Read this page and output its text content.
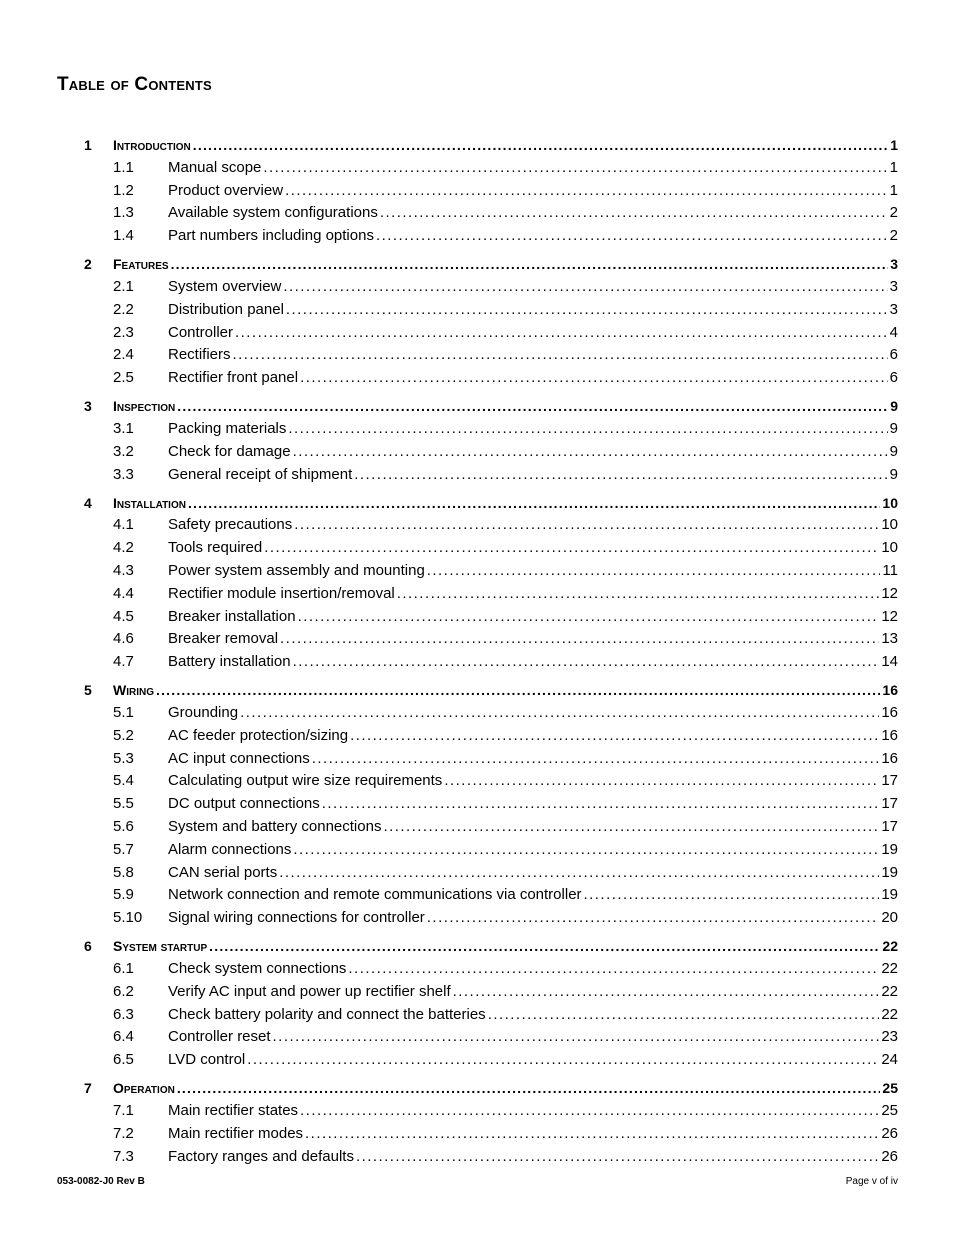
Table of Contents
1 Introduction . . .	1
1.1 Manual scope . . .	1
1.2 Product overview . . .	1
1.3 Available system configurations . . .	2
1.4 Part numbers including options . . .	2
2 Features . . .	3
2.1 System overview . . .	3
2.2 Distribution panel . . .	3
2.3 Controller . . .	4
2.4 Rectifiers . . .	6
2.5 Rectifier front panel . . .	6
3 Inspection . . .	9
3.1 Packing materials . . .	9
3.2 Check for damage . . .	9
3.3 General receipt of shipment . . .	9
4 Installation . . .	10
4.1 Safety precautions . . .	10
4.2 Tools required . . .	10
4.3 Power system assembly and mounting . . .	11
4.4 Rectifier module insertion/removal . . .	12
4.5 Breaker installation . . .	12
4.6 Breaker removal . . .	13
4.7 Battery installation . . .	14
5 Wiring . . .	16
5.1 Grounding . . .	16
5.2 AC feeder protection/sizing . . .	16
5.3 AC input connections . . .	16
5.4 Calculating output wire size requirements . . .	17
5.5 DC output connections . . .	17
5.6 System and battery connections . . .	17
5.7 Alarm connections . . .	19
5.8 CAN serial ports . . .	19
5.9 Network connection and remote communications via controller . . .	19
5.10 Signal wiring connections for controller . . .	20
6 System startup . . .	22
6.1 Check system connections . . .	22
6.2 Verify AC input and power up rectifier shelf . . .	22
6.3 Check battery polarity and connect the batteries . . .	22
6.4 Controller reset . . .	23
6.5 LVD control . . .	24
7 Operation . . .	25
7.1 Main rectifier states . . .	25
7.2 Main rectifier modes . . .	26
7.3 Factory ranges and defaults . . .	26
053-0082-J0 Rev B	Page v of iv
